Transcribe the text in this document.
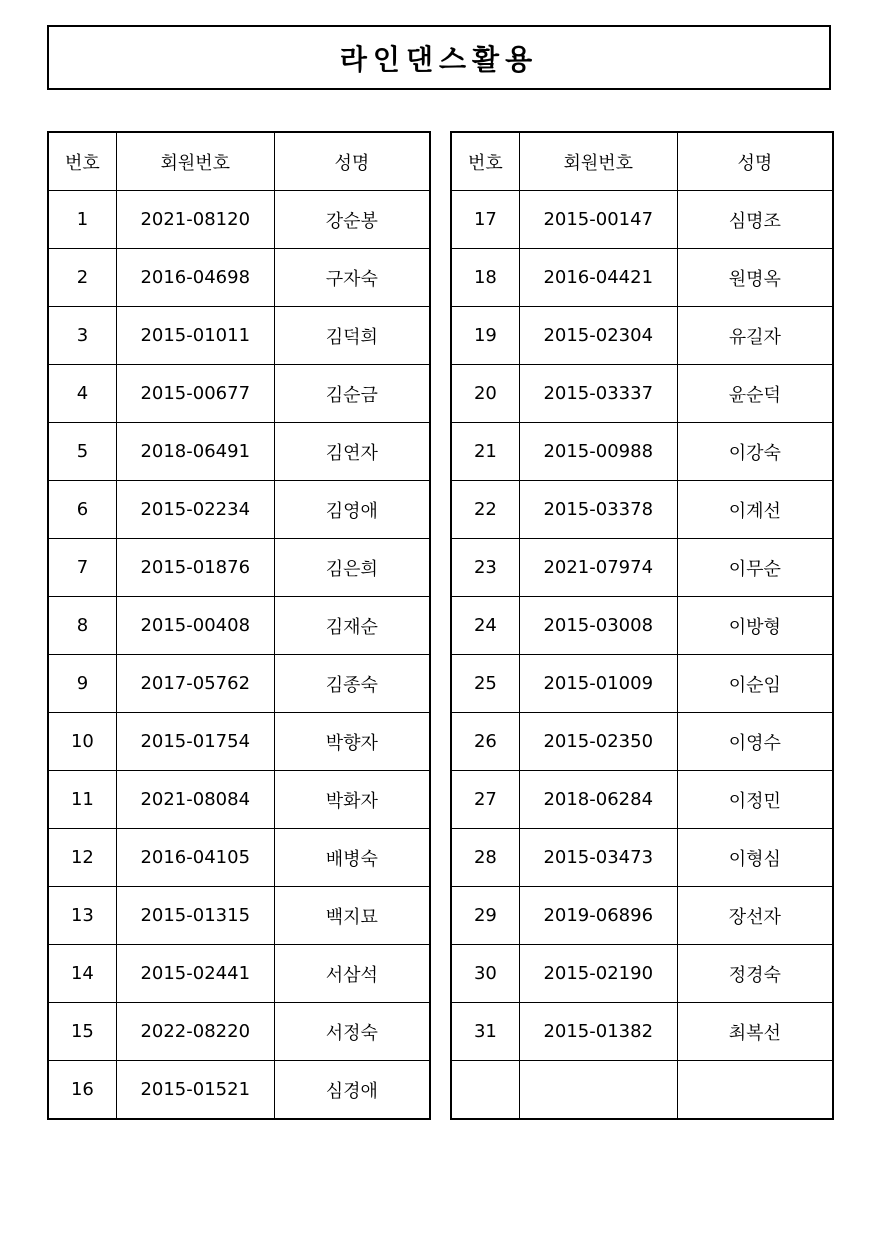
라인댄스활용
번호	회원번호	성명
1	2021-08120	강순봉
2	2016-04698	구자숙
3	2015-01011	김덕희
4	2015-00677	김순금
5	2018-06491	김연자
6	2015-02234	김영애
7	2015-01876	김은희
8	2015-00408	김재순
9	2017-05762	김종숙
10	2015-01754	박향자
11	2021-08084	박화자
12	2016-04105	배병숙
13	2015-01315	백지묘
14	2015-02441	서삼석
15	2022-08220	서정숙
16	2015-01521	심경애
번호	회원번호	성명
17	2015-00147	심명조
18	2016-04421	원명옥
19	2015-02304	유길자
20	2015-03337	윤순덕
21	2015-00988	이강숙
22	2015-03378	이계선
23	2021-07974	이무순
24	2015-03008	이방형
25	2015-01009	이순임
26	2015-02350	이영수
27	2018-06284	이정민
28	2015-03473	이형심
29	2019-06896	장선자
30	2015-02190	정경숙
31	2015-01382	최복선
